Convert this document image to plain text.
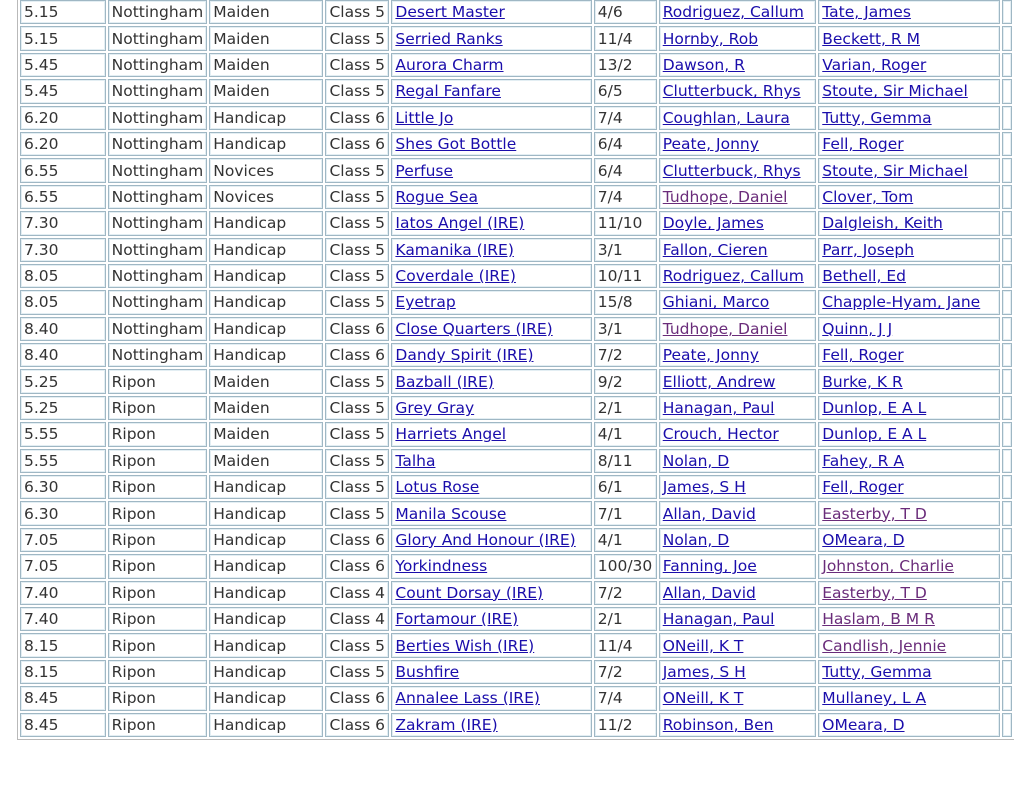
5.15	Nottingham	Maiden	Class 5	Desert Master	4/6	Rodriguez, Callum	Tate, James	
5.15	Nottingham	Maiden	Class 5	Serried Ranks	11/4	Hornby, Rob	Beckett, R M	
5.45	Nottingham	Maiden	Class 5	Aurora Charm	13/2	Dawson, R	Varian, Roger	
5.45	Nottingham	Maiden	Class 5	Regal Fanfare	6/5	Clutterbuck, Rhys	Stoute, Sir Michael	
6.20	Nottingham	Handicap	Class 6	Little Jo	7/4	Coughlan, Laura	Tutty, Gemma	
6.20	Nottingham	Handicap	Class 6	Shes Got Bottle	6/4	Peate, Jonny	Fell, Roger	
6.55	Nottingham	Novices	Class 5	Perfuse	6/4	Clutterbuck, Rhys	Stoute, Sir Michael	
6.55	Nottingham	Novices	Class 5	Rogue Sea	7/4	Tudhope, Daniel	Clover, Tom	
7.30	Nottingham	Handicap	Class 5	Iatos Angel (IRE)	11/10	Doyle, James	Dalgleish, Keith	
7.30	Nottingham	Handicap	Class 5	Kamanika (IRE)	3/1	Fallon, Cieren	Parr, Joseph	
8.05	Nottingham	Handicap	Class 5	Coverdale (IRE)	10/11	Rodriguez, Callum	Bethell, Ed	
8.05	Nottingham	Handicap	Class 5	Eyetrap	15/8	Ghiani, Marco	Chapple-Hyam, Jane	
8.40	Nottingham	Handicap	Class 6	Close Quarters (IRE)	3/1	Tudhope, Daniel	Quinn, J J	
8.40	Nottingham	Handicap	Class 6	Dandy Spirit (IRE)	7/2	Peate, Jonny	Fell, Roger	
5.25	Ripon	Maiden	Class 5	Bazball (IRE)	9/2	Elliott, Andrew	Burke, K R	
5.25	Ripon	Maiden	Class 5	Grey Gray	2/1	Hanagan, Paul	Dunlop, E A L	
5.55	Ripon	Maiden	Class 5	Harriets Angel	4/1	Crouch, Hector	Dunlop, E A L	
5.55	Ripon	Maiden	Class 5	Talha	8/11	Nolan, D	Fahey, R A	
6.30	Ripon	Handicap	Class 5	Lotus Rose	6/1	James, S H	Fell, Roger	
6.30	Ripon	Handicap	Class 5	Manila Scouse	7/1	Allan, David	Easterby, T D	
7.05	Ripon	Handicap	Class 6	Glory And Honour (IRE)	4/1	Nolan, D	OMeara, D	
7.05	Ripon	Handicap	Class 6	Yorkindness	100/30	Fanning, Joe	Johnston, Charlie	
7.40	Ripon	Handicap	Class 4	Count Dorsay (IRE)	7/2	Allan, David	Easterby, T D	
7.40	Ripon	Handicap	Class 4	Fortamour (IRE)	2/1	Hanagan, Paul	Haslam, B M R	
8.15	Ripon	Handicap	Class 5	Berties Wish (IRE)	11/4	ONeill, K T	Candlish, Jennie	
8.15	Ripon	Handicap	Class 5	Bushfire	7/2	James, S H	Tutty, Gemma	
8.45	Ripon	Handicap	Class 6	Annalee Lass (IRE)	7/4	ONeill, K T	Mullaney, L A	
8.45	Ripon	Handicap	Class 6	Zakram (IRE)	11/2	Robinson, Ben	OMeara, D	
